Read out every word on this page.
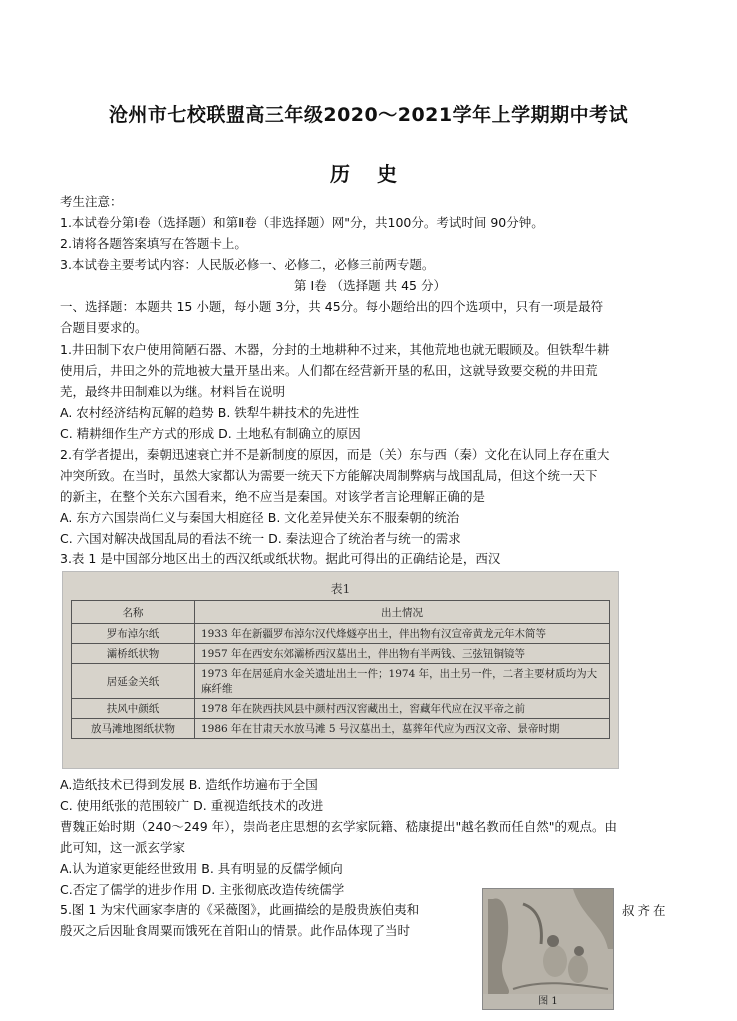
沧州市七校联盟高三年级2020～2021学年上学期期中考试
历 史
考生注意：
1.本试卷分第Ⅰ卷（选择题）和第Ⅱ卷（非选择题）网"分，共100分。考试时间 90分钟。
2.请将各题答案填写在答题卡上。
3.本试卷主要考试内容：人民版必修一、必修二，必修三前两专题。
第 Ⅰ卷 （选择题 共 45 分）
一、选择题：本题共 15 小题，每小题 3分，共 45分。每小题给出的四个选项中，只有一项是最符
合题目要求的。
1.井田制下农户使用简陋石器、木器，分封的土地耕种不过来，其他荒地也就无暇顾及。但铁犁牛耕
使用后，井田之外的荒地被大量开垦出来。人们都在经营新开垦的私田，这就导致要交税的井田荒
芜，最终井田制难以为继。材料旨在说明
A. 农村经济结构瓦解的趋势 B. 铁犁牛耕技术的先进性
C. 精耕细作生产方式的形成 D. 土地私有制确立的原因
2.有学者提出，秦朝迅速衰亡并不是新制度的原因，而是（关）东与西（秦）文化在认同上存在重大
冲突所致。在当时，虽然大家都认为需要一统天下方能解决周制弊病与战国乱局，但这个统一天下
的新主，在整个关东六国看来，绝不应当是秦国。对该学者言论理解正确的是
A. 东方六国崇尚仁义与秦国大相庭径 B. 文化差异使关东不服秦朝的统治
C. 六国对解决战国乱局的看法不统一 D. 秦法迎合了统治者与统一的需求
3.表 1 是中国部分地区出土的西汉纸或纸状物。据此可得出的正确结论是，西汉
表1
名称	出土情况
罗布淖尔纸	1933 年在新疆罗布淖尔汉代烽燧亭出土，伴出物有汉宣帝黄龙元年木简等
灞桥纸状物	1957 年在西安东郊灞桥西汉墓出土，伴出物有半两钱、三弦钮铜镜等
居延金关纸	1973 年在居延肩水金关遗址出土一件；1974 年，出土另一件，二者主要材质均为大麻纤维
扶风中颜纸	1978 年在陕西扶风县中颜村西汉窖藏出土，窖藏年代应在汉平帝之前
放马滩地图纸状物	1986 年在甘肃天水放马滩 5 号汉墓出土，墓葬年代应为西汉文帝、景帝时期
A.造纸技术已得到发展 B. 造纸作坊遍布于全国
C. 使用纸张的范围较广 D. 重视造纸技术的改进
曹魏正始时期（240～249 年），崇尚老庄思想的玄学家阮籍、嵇康提出"越名教而任自然"的观点。由
此可知，这一派玄学家
A.认为道家更能经世致用 B. 具有明显的反儒学倾向
C.否定了儒学的进步作用 D. 主张彻底改造传统儒学
5.图 1 为宋代画家李唐的《采薇图》，此画描绘的是殷贵族伯夷和
殷灭之后因耻食周粟而饿死在首阳山的情景。此作品体现了当时
叔齐在
图 1
